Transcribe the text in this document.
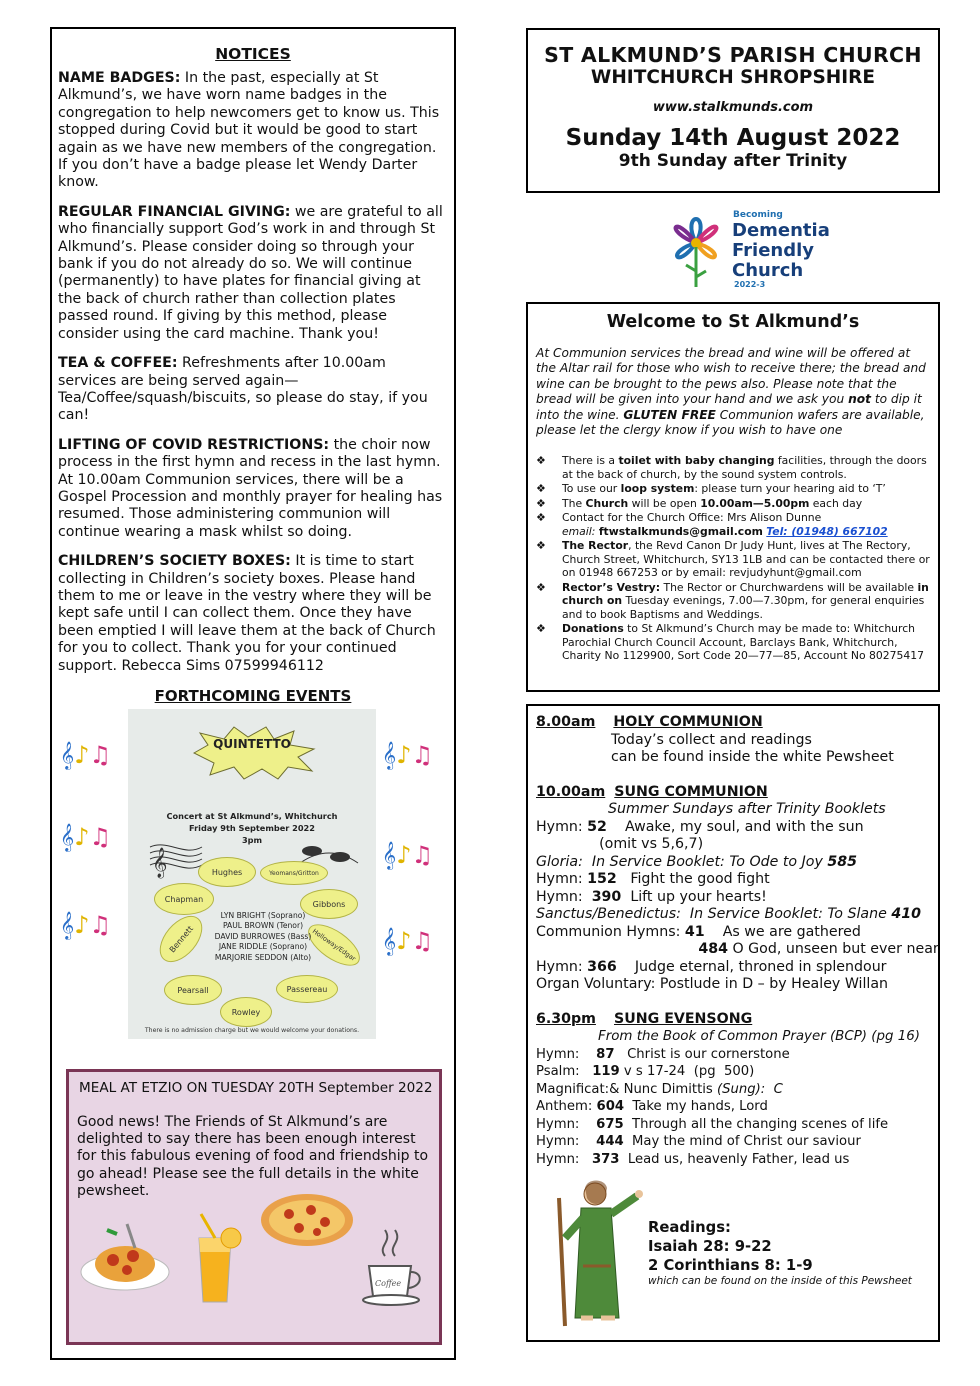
NOTICES

NAME BADGES: In the past, especially at St Alkmund’s, we have worn name badges in the congregation to help newcomers get to know us. This stopped during Covid but it would be good to start again as we have new members of the congregation. If you don’t have a badge please let Wendy Darter know.

REGULAR FINANCIAL GIVING: we are grateful to all who financially support God’s work in and through St Alkmund’s. Please consider doing so through your bank if you do not already do so. We will continue (permanently) to have plates for financial giving at the back of church rather than collection plates passed round. If giving by this method, please consider using the card machine. Thank you!

TEA & COFFEE: Refreshments after 10.00am services are being served again—Tea/Coffee/squash/biscuits, so please do stay, if you can!

LIFTING OF COVID RESTRICTIONS: the choir now process in the first hymn and recess in the last hymn. At 10.00am Communion services, there will be a Gospel Procession and monthly prayer for healing has resumed. Those administering communion will continue wearing a mask whilst so doing.

CHILDREN’S SOCIETY BOXES: It is time to start collecting in Children’s society boxes. Please hand them to me or leave in the vestry where they will be kept safe until I can collect them. Once they have been emptied I will leave them at the back of Church for you to collect. Thank you for your continued support. Rebecca Sims 07599946112

FORTHCOMING EVENTS
𝄞♪♫
𝄞♪♫
𝄞♪♫
𝄞♪♫
𝄞♪♫
𝄞♪♫
QUINTETTO
Concert at St Alkmund’s, Whitchurch
Friday 9th September 2022
3pm
𝄞	Hughes	Yeomans/Gritton
Chapman
Gibbons
Bennett	Holloway/Edgar
Pearsall	Passereau
Rowley
LYN BRIGHT (Soprano)
PAUL BROWN (Tenor)
DAVID BURROWES (Bass)
JANE RIDDLE (Soprano)
MARJORIE SEDDON (Alto)
There is no admission charge but we would welcome your donations.
MEAL AT ETZIO ON TUESDAY 20TH September 2022
Good news! The Friends of St Alkmund’s are delighted to say there has been enough interest for this fabulous evening of food and friendship to go ahead! Please see the full details in the white pewsheet.
Coffee
ST ALKMUND’S PARISH CHURCH
WHITCHURCH SHROPSHIRE
www.stalkmunds.com
Sunday 14th August 2022
9th Sunday after Trinity
Becoming
Dementia
Friendly
Church
2022-3
Welcome to St Alkmund’s
At Communion services the bread and wine will be offered at the Altar rail for those who wish to receive there; the bread and wine can be brought to the pews also. Please note that the bread will be given into your hand and we ask you not to dip it into the wine. GLUTEN FREE Communion wafers are available, please let the clergy know if you wish to have one
❖ There is a toilet with baby changing facilities, through the doors at the back of church, by the sound system controls.
❖ To use our loop system: please turn your hearing aid to ‘T’
❖ The Church will be open 10.00am—5.00pm each day
❖ Contact for the Church Office: Mrs Alison Dunne
email: ftwstalkmunds@gmail.com Tel: (01948) 667102
❖ The Rector, the Revd Canon Dr Judy Hunt, lives at The Rectory, Church Street, Whitchurch, SY13 1LB and can be contacted there or on 01948 667253 or by email: revjudyhunt@gmail.com
❖ Rector’s Vestry: The Rector or Churchwardens will be available in church on Tuesday evenings, 7.00—7.30pm, for general enquiries and to book Baptisms and Weddings.
❖ Donations to St Alkmund’s Church may be made to: Whitchurch Parochial Church Council Account, Barclays Bank, Whitchurch, Charity No 1129900, Sort Code 20—77—85, Account No 80275417
8.00am HOLY COMMUNION
Today’s collect and readings
can be found inside the white Pewsheet
10.00am SUNG COMMUNION
Summer Sundays after Trinity Booklets
Hymn: 52    Awake, my soul, and with the sun
(omit vs 5,6,7)
Gloria:  In Service Booklet: To Ode to Joy 585
Hymn: 152   Fight the good fight
Hymn:  390  Lift up your hearts!
Sanctus/Benedictus:  In Service Booklet: To Slane 410
Communion Hymns: 41    As we are gathered
484 O God, unseen but ever near
Hymn: 366    Judge eternal, throned in splendour
Organ Voluntary: Postlude in D – by Healey Willan
6.30pm SUNG EVENSONG
From the Book of Common Prayer (BCP) (pg 16)
Hymn:    87   Christ is our cornerstone
Psalm:   119 v s 17-24  (pg  500)
Magnificat:& Nunc Dimittis (Sung):  C
Anthem: 604  Take my hands, Lord
Hymn:    675  Through all the changing scenes of life
Hymn:    444  May the mind of Christ our saviour
Hymn:   373  Lead us, heavenly Father, lead us
Readings:
Isaiah 28: 9-22
2 Corinthians 8: 1-9
which can be found on the inside of this Pewsheet
